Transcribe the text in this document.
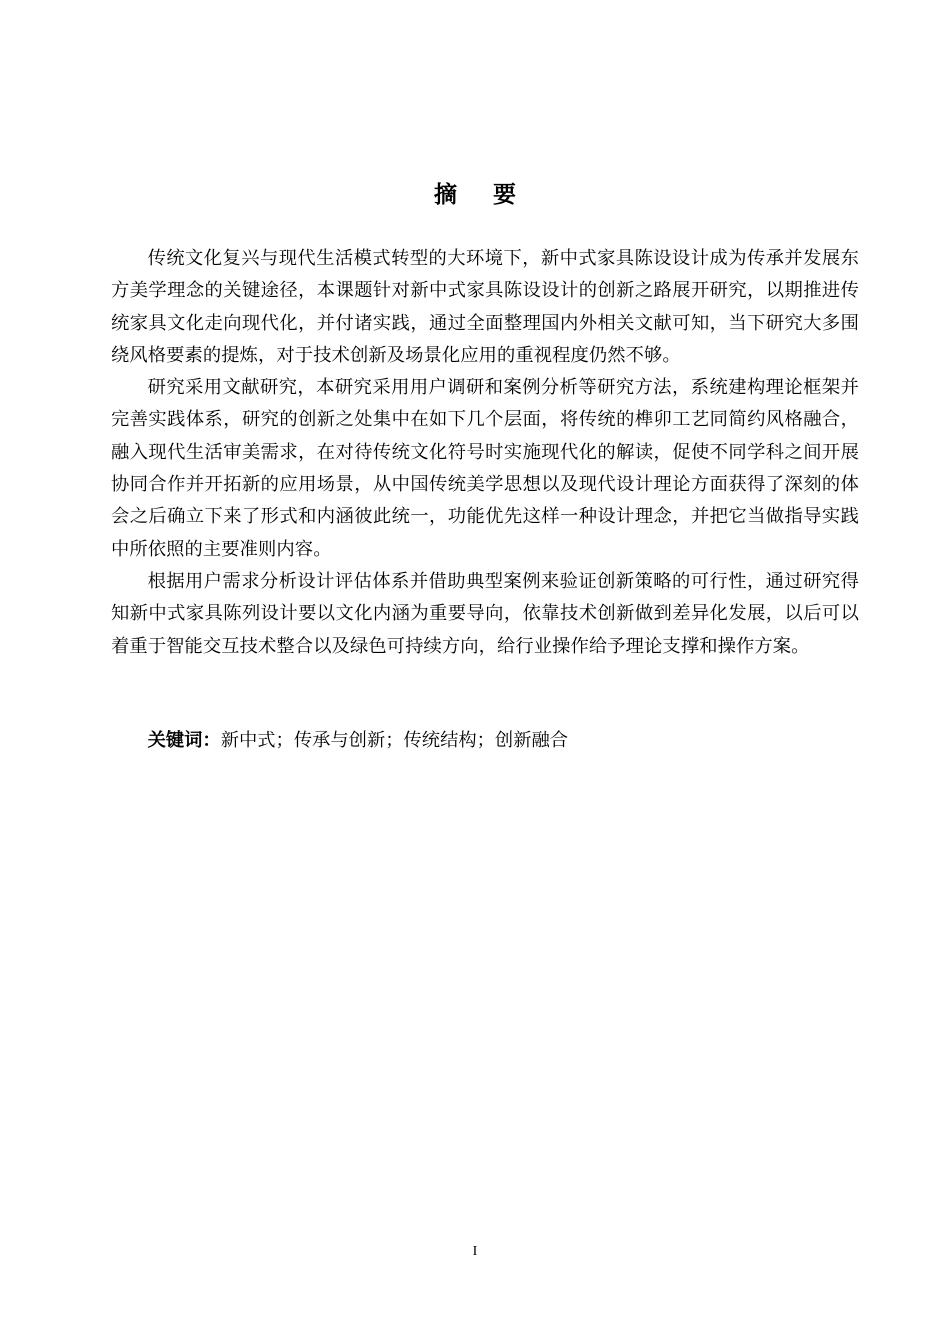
摘要

传统文化复兴与现代生活模式转型的大环境下，新中式家具陈设设计成为传承并发展东方美学理念的关键途径，本课题针对新中式家具陈设设计的创新之路展开研究，以期推进传统家具文化走向现代化，并付诸实践，通过全面整理国内外相关文献可知，当下研究大多围绕风格要素的提炼，对于技术创新及场景化应用的重视程度仍然不够。

研究采用文献研究，本研究采用用户调研和案例分析等研究方法，系统建构理论框架并完善实践体系，研究的创新之处集中在如下几个层面，将传统的榫卯工艺同简约风格融合，融入现代生活审美需求，在对待传统文化符号时实施现代化的解读，促使不同学科之间开展协同合作并开拓新的应用场景，从中国传统美学思想以及现代设计理论方面获得了深刻的体会之后确立下来了形式和内涵彼此统一，功能优先这样一种设计理念，并把它当做指导实践中所依照的主要准则内容。

根据用户需求分析设计评估体系并借助典型案例来验证创新策略的可行性，通过研究得知新中式家具陈列设计要以文化内涵为重要导向，依靠技术创新做到差异化发展，以后可以着重于智能交互技术整合以及绿色可持续方向，给行业操作给予理论支撑和操作方案。

关键词：新中式；传承与创新；传统结构；创新融合
I
